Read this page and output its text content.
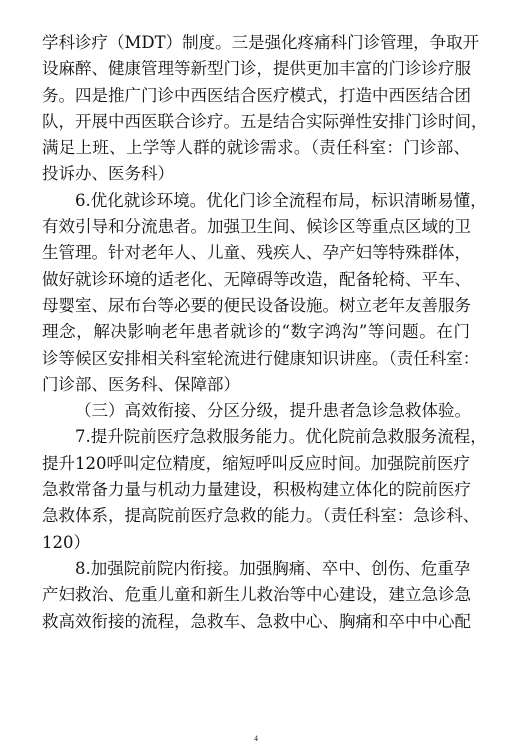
学科诊疗（MDT）制度。三是强化疼痛科门诊管理，争取开
设麻醉、健康管理等新型门诊，提供更加丰富的门诊诊疗服
务。四是推广门诊中西医结合医疗模式，打造中西医结合团
队，开展中西医联合诊疗。五是结合实际弹性安排门诊时间，
满足上班、上学等人群的就诊需求。（责任科室：门诊部、
投诉办、医务科）
6.优化就诊环境。优化门诊全流程布局，标识清晰易懂，
有效引导和分流患者。加强卫生间、候诊区等重点区域的卫
生管理。针对老年人、儿童、残疾人、孕产妇等特殊群体，
做好就诊环境的适老化、无障碍等改造，配备轮椅、平车、
母婴室、尿布台等必要的便民设备设施。树立老年友善服务
理念，解决影响老年患者就诊的“数字鸿沟”等问题。在门
诊等候区安排相关科室轮流进行健康知识讲座。（责任科室：
门诊部、医务科、保障部）
（三）高效衔接、分区分级，提升患者急诊急救体验。
7.提升院前医疗急救服务能力。优化院前急救服务流程，
提升120呼叫定位精度，缩短呼叫反应时间。加强院前医疗
急救常备力量与机动力量建设，积极构建立体化的院前医疗
急救体系，提高院前医疗急救的能力。（责任科室：急诊科、
120）
8.加强院前院内衔接。加强胸痛、卒中、创伤、危重孕
产妇救治、危重儿童和新生儿救治等中心建设，建立急诊急
救高效衔接的流程，急救车、急救中心、胸痛和卒中中心配
4
